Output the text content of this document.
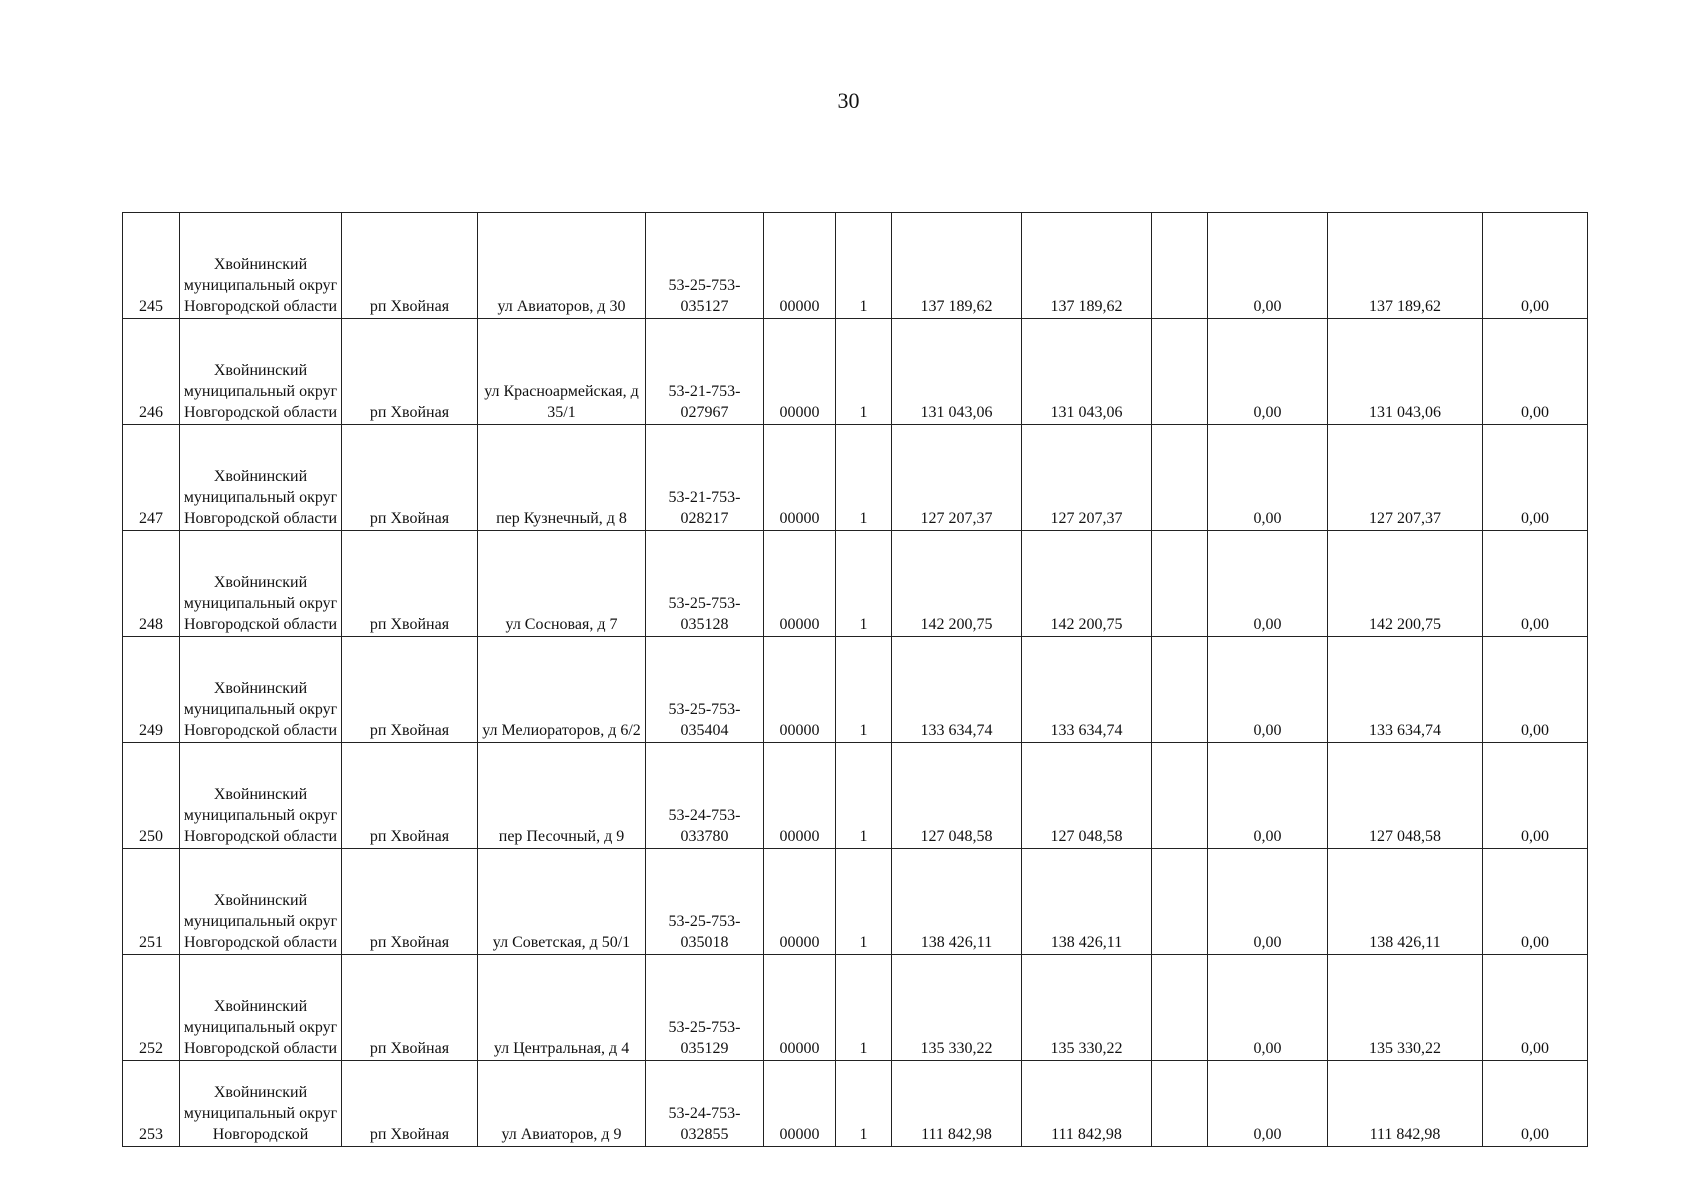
30
245	Хвойнинский муниципальный округ Новгородской области	рп Хвойная	ул Авиаторов, д 30	53-25-753-035127	00000	1	137 189,62	137 189,62		0,00	137 189,62	0,00
246	Хвойнинский муниципальный округ Новгородской области	рп Хвойная	ул Красноармейская, д 35/1	53-21-753-027967	00000	1	131 043,06	131 043,06		0,00	131 043,06	0,00
247	Хвойнинский муниципальный округ Новгородской области	рп Хвойная	пер Кузнечный, д 8	53-21-753-028217	00000	1	127 207,37	127 207,37		0,00	127 207,37	0,00
248	Хвойнинский муниципальный округ Новгородской области	рп Хвойная	ул Сосновая, д 7	53-25-753-035128	00000	1	142 200,75	142 200,75		0,00	142 200,75	0,00
249	Хвойнинский муниципальный округ Новгородской области	рп Хвойная	ул Мелиораторов, д 6/2	53-25-753-035404	00000	1	133 634,74	133 634,74		0,00	133 634,74	0,00
250	Хвойнинский муниципальный округ Новгородской области	рп Хвойная	пер Песочный, д 9	53-24-753-033780	00000	1	127 048,58	127 048,58		0,00	127 048,58	0,00
251	Хвойнинский муниципальный округ Новгородской области	рп Хвойная	ул Советская, д 50/1	53-25-753-035018	00000	1	138 426,11	138 426,11		0,00	138 426,11	0,00
252	Хвойнинский муниципальный округ Новгородской области	рп Хвойная	ул Центральная, д 4	53-25-753-035129	00000	1	135 330,22	135 330,22		0,00	135 330,22	0,00
253	Хвойнинский муниципальный округ Новгородской	рп Хвойная	ул Авиаторов, д 9	53-24-753-032855	00000	1	111 842,98	111 842,98		0,00	111 842,98	0,00
